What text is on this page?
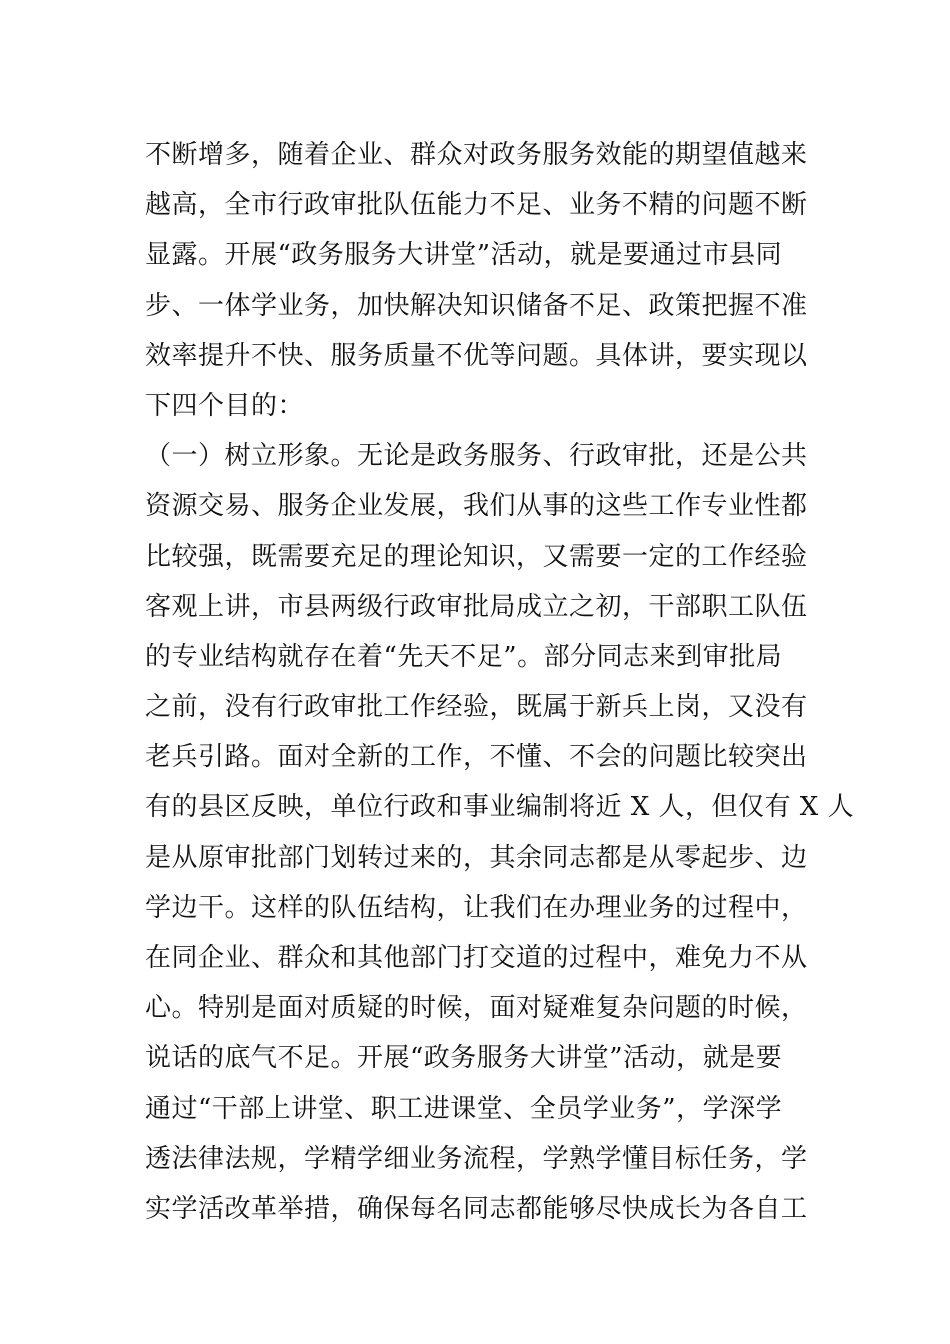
不断增多，随着企业、群众对政务服务效能的期望值越来
越高，全市行政审批队伍能力不足、业务不精的问题不断
显露。开展“政务服务大讲堂”活动，就是要通过市县同
步、一体学业务，加快解决知识储备不足、政策把握不准
效率提升不快、服务质量不优等问题。具体讲，要实现以
下四个目的：
（一）树立形象。无论是政务服务、行政审批，还是公共
资源交易、服务企业发展，我们从事的这些工作专业性都
比较强，既需要充足的理论知识，又需要一定的工作经验
客观上讲，市县两级行政审批局成立之初，干部职工队伍
的专业结构就存在着“先天不足”。部分同志来到审批局
之前，没有行政审批工作经验，既属于新兵上岗，又没有
老兵引路。面对全新的工作，不懂、不会的问题比较突出
有的县区反映，单位行政和事业编制将近 X 人，但仅有 X 人
是从原审批部门划转过来的，其余同志都是从零起步、边
学边干。这样的队伍结构，让我们在办理业务的过程中，
在同企业、群众和其他部门打交道的过程中，难免力不从
心。特别是面对质疑的时候，面对疑难复杂问题的时候，
说话的底气不足。开展“政务服务大讲堂”活动，就是要
通过“干部上讲堂、职工进课堂、全员学业务”，学深学
透法律法规，学精学细业务流程，学熟学懂目标任务，学
实学活改革举措，确保每名同志都能够尽快成长为各自工
